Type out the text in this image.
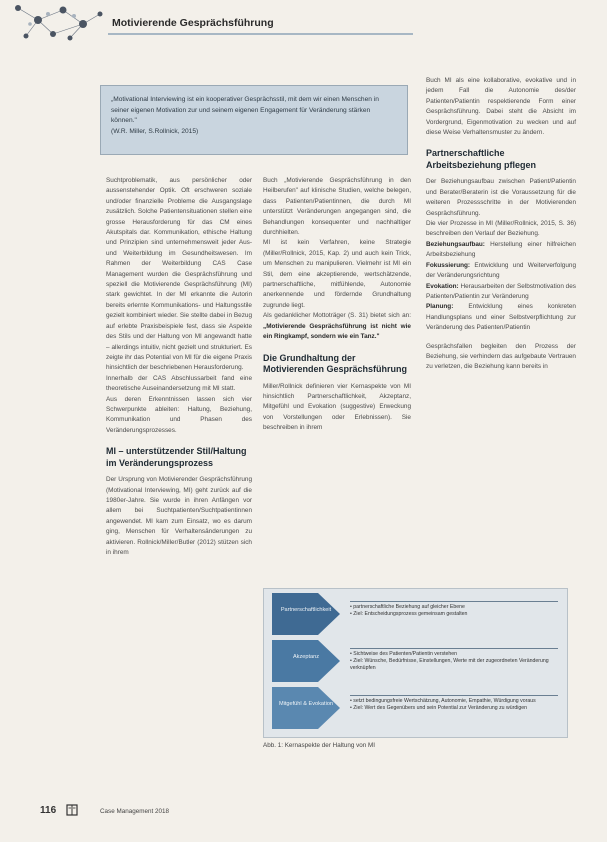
Motivierende Gesprächsführung
„Motivational Interviewing ist ein kooperativer Gesprächsstil, mit dem wir einen Menschen in seiner eigenen Motivation zur und seinem eigenen Engagement für Veränderung stärken können."
(W.R. Miller, S.Rollnick, 2015)

Suchtproblematik, aus persönlicher oder aussenstehender Optik. Oft erschweren soziale und/oder finanzielle Probleme die Ausgangslage zusätzlich. Solche Patientensituationen stellen eine grosse Herausforderung für das CM eines Akutspitals dar. Kommunikation, ethische Haltung und Prinzipien sind unternehmensweit jeder Aus- und Weiterbildung im Gesundheitswesen. Im Rahmen der Weiterbildung CAS Case Management wurden die Gesprächsführung und speziell die Motivierende Gesprächsführung (MI) stark gewichtet. In der MI erkannte die Autorin bereits erlernte Kommunikations- und Haltungsstile gezielt kombiniert wieder. Sie stellte dabei in Bezug auf erlebte Praxisbeispiele fest, dass sie Aspekte des Stils und der Haltung von MI angewandt hatte – allerdings intuitiv, nicht gezielt und strukturiert. Es zeigte ihr das Potential von MI für die eigene Praxis hinsichtlich der beschriebenen Herausforderung.

Innerhalb der CAS Abschlussarbeit fand eine theoretische Auseinandersetzung mit MI statt.

Aus deren Erkenntnissen lassen sich vier Schwerpunkte ableiten: Haltung, Beziehung, Kommunikation und Phasen des Veränderungsprozesses.

MI – unterstützender Stil/Haltung im Veränderungsprozess

Der Ursprung von Motivierender Gesprächsführung (Motivational Interviewing, MI) geht zurück auf die 1980er-Jahre. Sie wurde in ihren Anfängen vor allem bei Suchtpatienten/Suchtpatientinnen angewendet. MI kam zum Einsatz, wo es darum ging, Menschen für Verhaltensänderungen zu aktivieren. Rollnick/Miller/Butler (2012) stützen sich in ihrem

Buch „Motivierende Gesprächsführung in den Heilberufen" auf klinische Studien, welche belegen, dass Patienten/Patientinnen, die durch MI unterstützt Veränderungen angegangen sind, die Behandlungen konsequenter und nachhaltiger durchhielten.

MI ist kein Verfahren, keine Strategie (Miller/Rollnick, 2015, Kap. 2) und auch kein Trick, um Menschen zu manipulieren. Vielmehr ist MI ein Stil, dem eine akzeptierende, wertschätzende, partnerschaftliche, mitfühlende, Autonomie anerkennende und fördernde Grundhaltung zugrunde liegt.

Als gedanklicher Mottoträger (S. 31) bietet sich an: „Motivierende Gesprächsführung ist nicht wie ein Ringkampf, sondern wie ein Tanz."

Die Grundhaltung der Motivierenden Gesprächsführung

Miller/Rollnick definieren vier Kernaspekte von MI hinsichtlich Partnerschaftlichkeit, Akzeptanz, Mitgefühl und Evokation (suggestive) Erweckung von Vorstellungen oder Erlebnissen). Sie beschreiben in ihrem

Buch MI als eine kollaborative, evokative und in jedem Fall die Autonomie des/der Patienten/Patientin respektierende Form einer Gesprächsführung. Dabei steht die Absicht im Vordergrund, Eigenmotivation zu wecken und auf diese Weise Verhaltensmuster zu ändern.

Partnerschaftliche Arbeitsbeziehung pflegen

Der Beziehungsaufbau zwischen Patient/Patientin und Berater/Beraterin ist die Voraussetzung für die weiteren Prozessschritte in der Motivierenden Gesprächsführung.

Die vier Prozesse in MI (Miller/Rollnick, 2015, S. 36) beschreiben den Verlauf der Beziehung.

Beziehungsaufbau: Herstellung einer hilfreichen Arbeitsbeziehung

Fokussierung: Entwicklung und Weiterverfolgung der Veränderungsrichtung

Evokation: Herausarbeiten der Selbstmotivation des Patienten/Patientin zur Veränderung

Planung: Entwicklung eines konkreten Handlungsplans und einer Selbstverpflichtung zur Veränderung des Patienten/Patientin

Gesprächsfallen begleiten den Prozess der Beziehung, sie verhindern das aufgebaute Vertrauen zu verletzen, die Beziehung kann bereits in

Partnerschaftlichkeit	• partnerschaftliche Beziehung auf gleicher Ebene
• Ziel: Entscheidungsprozess gemeinsam gestalten
Akzeptanz	• Sichtweise des Patienten/Patientin verstehen
• Ziel: Wünsche, Bedürfnisse, Einstellungen, Werte mit der zugeordneten Veränderung verknüpfen
Mitgefühl & Evokation	• setzt bedingungsfreie Wertschätzung, Autonomie, Empathie, Würdigung voraus
• Ziel: Wert des Gegenübers und sein Potential zur Veränderung zu würdigen
Abb. 1: Kernaspekte der Haltung von MI
116	Case Management 2018
